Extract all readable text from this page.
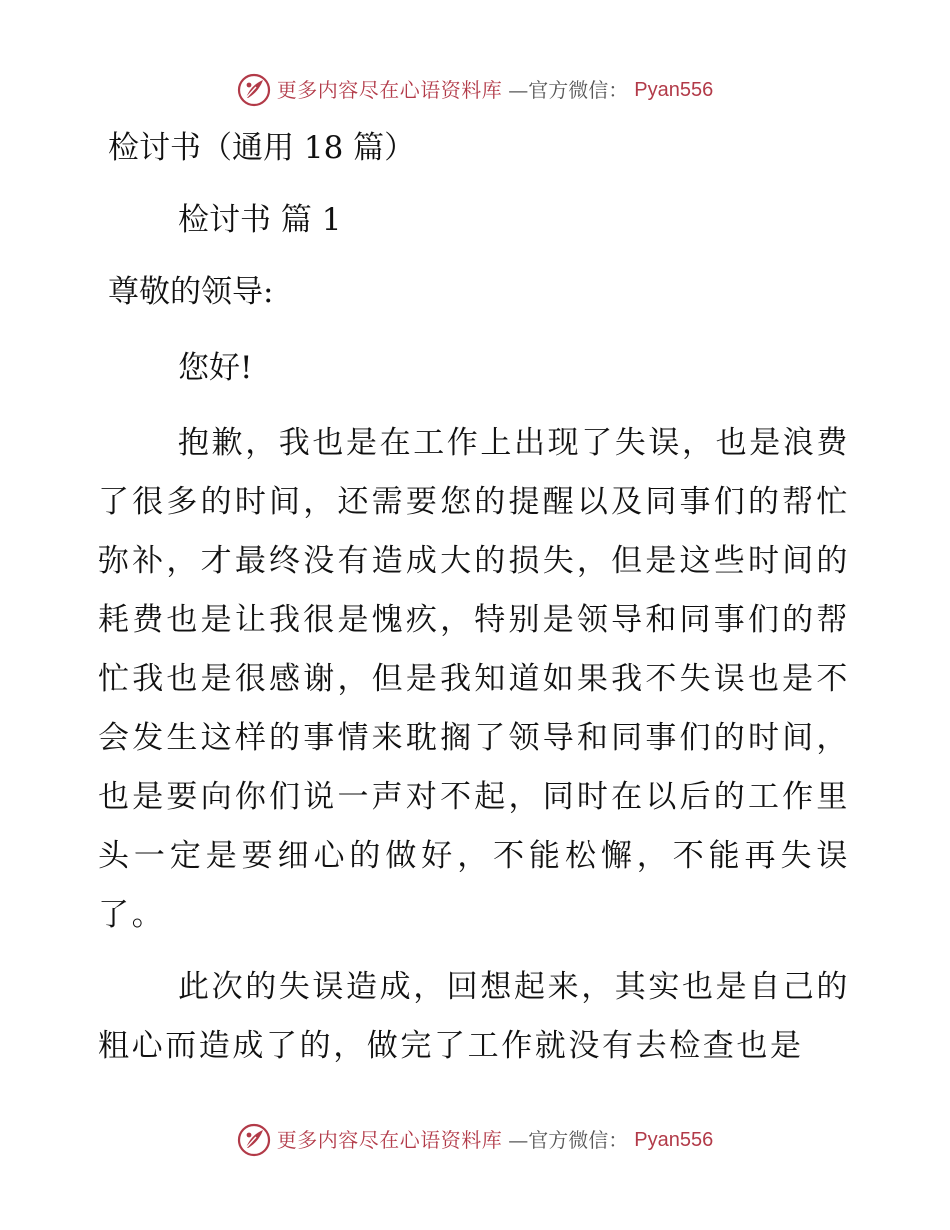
更多内容尽在心语资料库 —官方微信： Pyan556
检讨书（通用 18 篇）
检讨书 篇 1
尊敬的领导:
您好!

抱歉，我也是在工作上出现了失误，也是浪费了很多的时间，还需要您的提醒以及同事们的帮忙弥补，才最终没有造成大的损失，但是这些时间的耗费也是让我很是愧疚，特别是领导和同事们的帮忙我也是很感谢，但是我知道如果我不失误也是不会发生这样的事情来耽搁了领导和同事们的时间，也是要向你们说一声对不起，同时在以后的工作里头一定是要细心的做好，不能松懈，不能再失误了。

此次的失误造成，回想起来，其实也是自己的粗心而造成了的，做完了工作就没有去检查也是

更多内容尽在心语资料库 —官方微信： Pyan556
